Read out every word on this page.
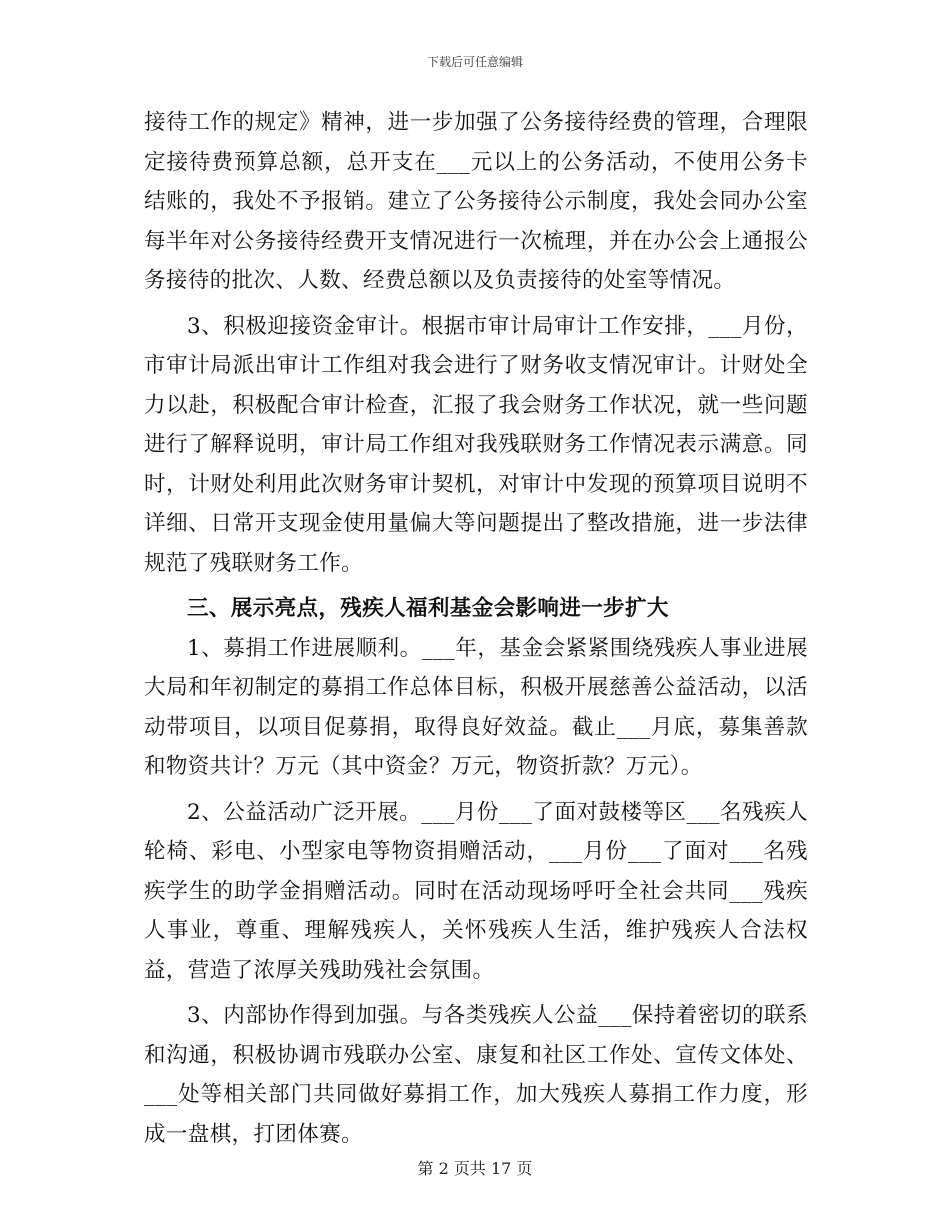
下载后可任意编辑

接待工作的规定》精神，进一步加强了公务接待经费的管理，合理限定接待费预算总额，总开支在___元以上的公务活动，不使用公务卡结账的，我处不予报销。建立了公务接待公示制度，我处会同办公室每半年对公务接待经费开支情况进行一次梳理，并在办公会上通报公务接待的批次、人数、经费总额以及负责接待的处室等情况。

3、积极迎接资金审计。根据市审计局审计工作安排，___月份，市审计局派出审计工作组对我会进行了财务收支情况审计。计财处全力以赴，积极配合审计检查，汇报了我会财务工作状况，就一些问题进行了解释说明，审计局工作组对我残联财务工作情况表示满意。同时，计财处利用此次财务审计契机，对审计中发现的预算项目说明不详细、日常开支现金使用量偏大等问题提出了整改措施，进一步法律规范了残联财务工作。

三、展示亮点，残疾人福利基金会影响进一步扩大

1、募捐工作进展顺利。___年，基金会紧紧围绕残疾人事业进展大局和年初制定的募捐工作总体目标，积极开展慈善公益活动，以活动带项目，以项目促募捐，取得良好效益。截止___月底，募集善款和物资共计？万元（其中资金？万元，物资折款？万元）。

2、公益活动广泛开展。___月份___了面对鼓楼等区___名残疾人轮椅、彩电、小型家电等物资捐赠活动，___月份___了面对___名残疾学生的助学金捐赠活动。同时在活动现场呼吁全社会共同___残疾人事业，尊重、理解残疾人，关怀残疾人生活，维护残疾人合法权益，营造了浓厚关残助残社会氛围。

3、内部协作得到加强。与各类残疾人公益___保持着密切的联系和沟通，积极协调市残联办公室、康复和社区工作处、宣传文体处、___处等相关部门共同做好募捐工作，加大残疾人募捐工作力度，形成一盘棋，打团体赛。

第 2 页共 17 页
